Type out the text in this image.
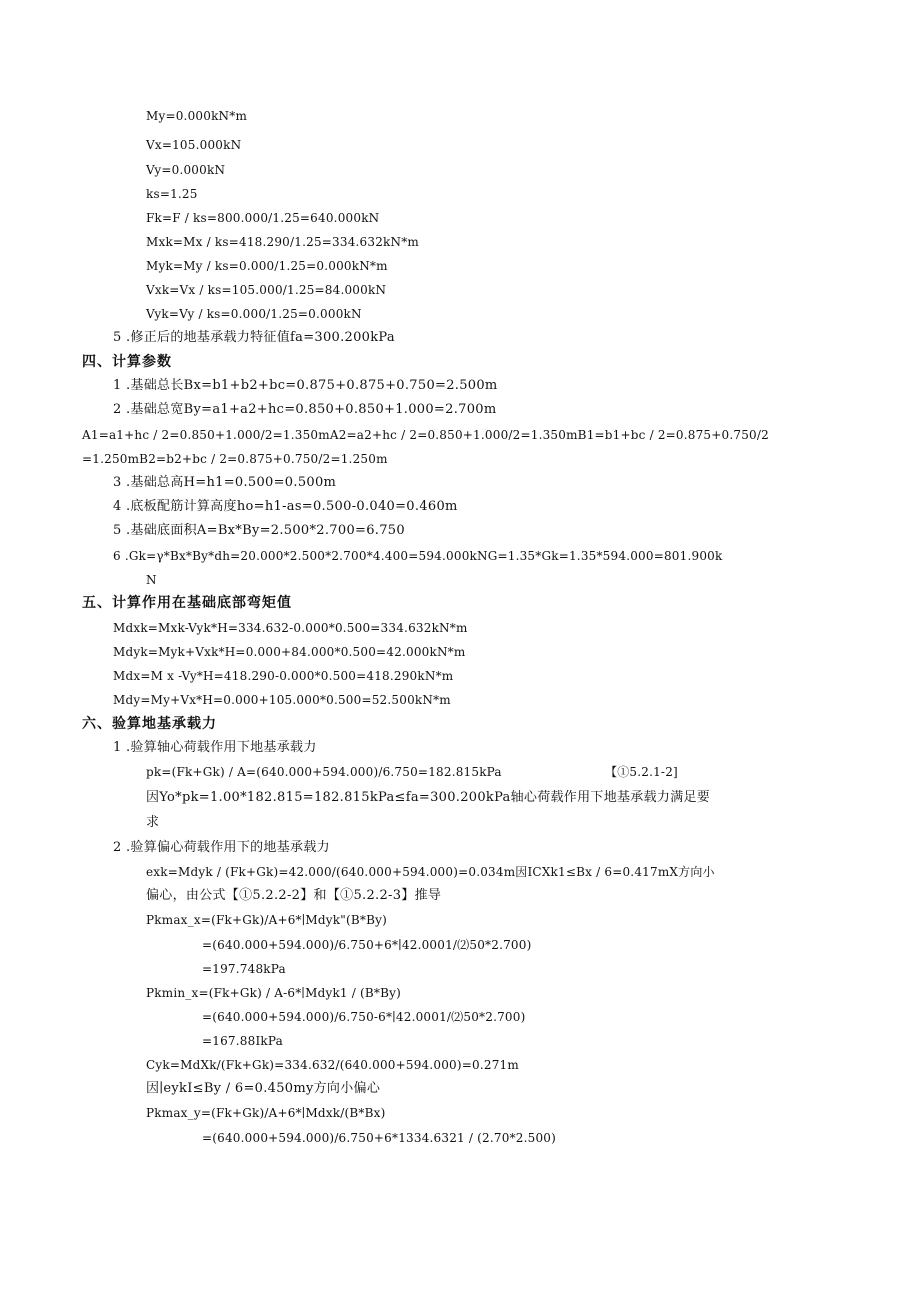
My=0.000kN*m
Vx=105.000kN
Vy=0.000kN
ks=1.25
Fk=F / ks=800.000/1.25=640.000kN
Mxk=Mx / ks=418.290/1.25=334.632kN*m
Myk=My / ks=0.000/1.25=0.000kN*m
Vxk=Vx / ks=105.000/1.25=84.000kN
Vyk=Vy / ks=0.000/1.25=0.000kN
5 .修正后的地基承载力特征值fa=300.200kPa
四、计算参数
1 .基础总长Bx=b1+b2+bc=0.875+0.875+0.750=2.500m
2 .基础总宽By=a1+a2+hc=0.850+0.850+1.000=2.700m
A1=a1+hc / 2=0.850+1.000/2=1.350mA2=a2+hc / 2=0.850+1.000/2=1.350mB1=b1+bc / 2=0.875+0.750/2
=1.250mB2=b2+bc / 2=0.875+0.750/2=1.250m
3 .基础总高H=h1=0.500=0.500m
4 .底板配筋计算高度ho=h1-as=0.500-0.040=0.460m
5 .基础底面积A=Bx*By=2.500*2.700=6.750
6 .Gk=γ*Bx*By*dh=20.000*2.500*2.700*4.400=594.000kNG=1.35*Gk=1.35*594.000=801.900k
N
五、计算作用在基础底部弯矩值
Mdxk=Mxk-Vyk*H=334.632-0.000*0.500=334.632kN*m
Mdyk=Myk+Vxk*H=0.000+84.000*0.500=42.000kN*m
Mdx=M x -Vy*H=418.290-0.000*0.500=418.290kN*m
Mdy=My+Vx*H=0.000+105.000*0.500=52.500kN*m
六、验算地基承载力
1 .验算轴心荷载作用下地基承载力
pk=(Fk+Gk) / A=(640.000+594.000)/6.750=182.815kPa	【①5.2.1-2]
因Yo*pk=1.00*182.815=182.815kPa≤fa=300.200kPa轴心荷载作用下地基承载力满足要
求
2 .验算偏心荷载作用下的地基承载力
exk=Mdyk / (Fk+Gk)=42.000/(640.000+594.000)=0.034m因ICXk1≤Bx / 6=0.417mX方向小
偏心，由公式【①5.2.2-2】和【①5.2.2-3】推导
Pkmax_x=(Fk+Gk)/A+6*∣Mdyk"(B*By)
=(640.000+594.000)/6.750+6*∣42.0001/⑵50*2.700)
=197.748kPa
Pkmin_x=(Fk+Gk) / A-6*∣Mdyk1 / (B*By)
=(640.000+594.000)/6.750-6*∣42.0001/⑵50*2.700)
=167.88IkPa
Cyk=MdXk/(Fk+Gk)=334.632/(640.000+594.000)=0.271m
因∣eykI≤By / 6=0.450my方向小偏心
Pkmax_y=(Fk+Gk)/A+6*∣Mdxk/(B*Bx)
=(640.000+594.000)/6.750+6*1334.6321 / (2.70*2.500)
